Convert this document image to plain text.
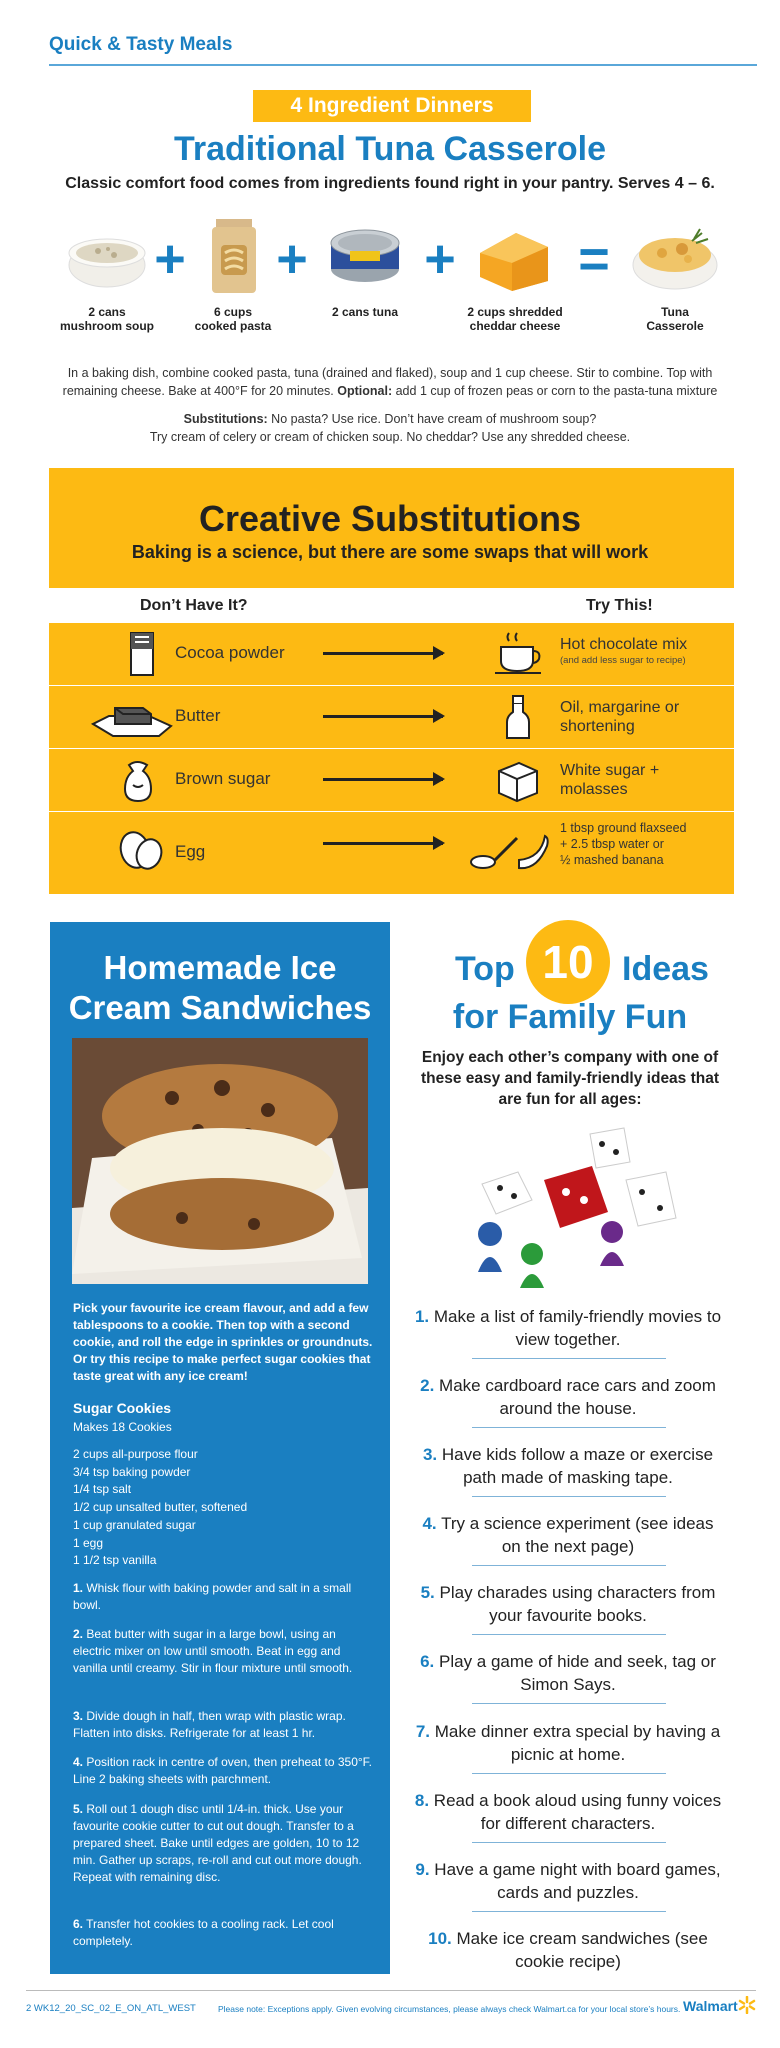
Quick & Tasty Meals
4 Ingredient Dinners
Traditional Tuna Casserole
Classic comfort food comes from ingredients found right in your pantry. Serves 4 – 6.
2 cans
mushroom soup
+
6 cups
cooked pasta
+
2 cans tuna
+
2 cups shredded
cheddar cheese
=
Tuna
Casserole
In a baking dish, combine cooked pasta, tuna (drained and flaked), soup and 1 cup cheese. Stir to combine. Top with remaining cheese. Bake at 400°F for 20 minutes. Optional: add 1 cup of frozen peas or corn to the pasta-tuna mixture
Substitutions: No pasta? Use rice. Don’t have cream of mushroom soup?
Try cream of celery or cream of chicken soup. No cheddar? Use any shredded cheese.
Creative Substitutions
Baking is a science, but there are some swaps that will work
Don’t Have It?	Try This!
Cocoa powder	Hot chocolate mix
(and add less sugar to recipe)
Butter	Oil, margarine or shortening
Brown sugar	White sugar + molasses
Egg
1 tbsp ground flaxseed
+ 2.5 tbsp water or
½ mashed banana
Homemade Ice
Cream Sandwiches
Pick your favourite ice cream flavour, and add a few tablespoons to a cookie. Then top with a second cookie, and roll the edge in sprinkles or groundnuts. Or try this recipe to make perfect sugar cookies that taste great with any ice cream!
Sugar Cookies
Makes 18 Cookies
2 cups all-purpose flour
3/4 tsp baking powder
1/4 tsp salt
1/2 cup unsalted butter, softened
1 cup granulated sugar
1 egg
1 1/2 tsp vanilla
1. Whisk flour with baking powder and salt in a small bowl.
2. Beat butter with sugar in a large bowl, using an electric mixer on low until smooth. Beat in egg and vanilla until creamy. Stir in flour mixture until smooth.
3. Divide dough in half, then wrap with plastic wrap. Flatten into disks. Refrigerate for at least 1 hr.
4. Position rack in centre of oven, then preheat to 350°F. Line 2 baking sheets with parchment.
5. Roll out 1 dough disc until 1/4-in. thick. Use your favourite cookie cutter to cut out dough. Transfer to a prepared sheet. Bake until edges are golden, 10 to 12 min. Gather up scraps, re-roll and cut out more dough. Repeat with remaining disc.
6. Transfer hot cookies to a cooling rack. Let cool completely.
Top 10 Ideas
for Family Fun
Enjoy each other’s company with one of these easy and family-friendly ideas that are fun for all ages:
1. Make a list of family-friendly movies to view together.
2. Make cardboard race cars and zoom around the house.
3. Have kids follow a maze or exercise path made of masking tape.
4. Try a science experiment (see ideas on the next page)
5. Play charades using characters from your favourite books.
6. Play a game of hide and seek, tag or Simon Says.
7. Make dinner extra special by having a picnic at home.
8. Read a book aloud using funny voices for different characters.
9. Have a game night with board games, cards and puzzles.
10. Make ice cream sandwiches (see cookie recipe)
2 WK12_20_SC_02_E_ON_ATL_WEST	Please note: Exceptions apply. Given evolving circumstances, please always check Walmart.ca for your local store’s hours. Walmart
